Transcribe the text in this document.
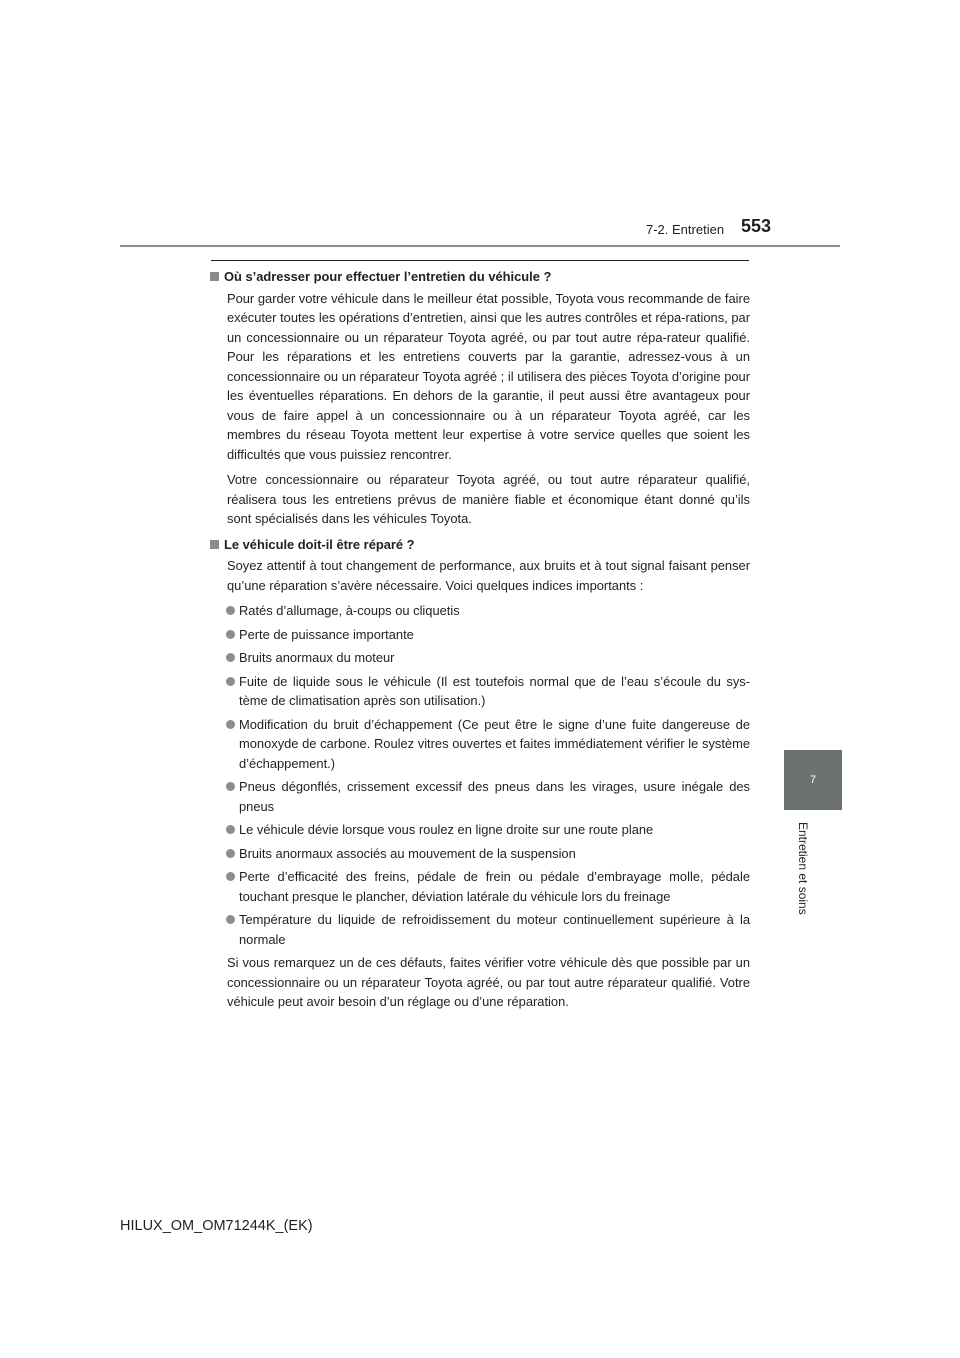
7-2. Entretien 553
7
Entretien et soins
Où s’adresser pour effectuer l’entretien du véhicule ?

Pour garder votre véhicule dans le meilleur état possible, Toyota vous recommande de faire exécuter toutes les opérations d’entretien, ainsi que les autres contrôles et répa-rations, par un concessionnaire ou un réparateur Toyota agréé, ou par tout autre répa-rateur qualifié. Pour les réparations et les entretiens couverts par la garantie, adressez-vous à un concessionnaire ou un réparateur Toyota agréé ; il utilisera des pièces Toyota d’origine pour les éventuelles réparations. En dehors de la garantie, il peut aussi être avantageux pour vous de faire appel à un concessionnaire ou à un réparateur Toyota agréé, car les membres du réseau Toyota mettent leur expertise à votre service quelles que soient les difficultés que vous puissiez rencontrer.

Votre concessionnaire ou réparateur Toyota agréé, ou tout autre réparateur qualifié, réalisera tous les entretiens prévus de manière fiable et économique étant donné qu’ils sont spécialisés dans les véhicules Toyota.

Le véhicule doit-il être réparé ?

Soyez attentif à tout changement de performance, aux bruits et à tout signal faisant penser qu’une réparation s’avère nécessaire. Voici quelques indices importants :

Ratés d’allumage, à-coups ou cliquetis
Perte de puissance importante
Bruits anormaux du moteur
Fuite de liquide sous le véhicule (Il est toutefois normal que de l’eau s’écoule du sys-tème de climatisation après son utilisation.)
Modification du bruit d’échappement (Ce peut être le signe d’une fuite dangereuse de monoxyde de carbone. Roulez vitres ouvertes et faites immédiatement vérifier le système d’échappement.)
Pneus dégonflés, crissement excessif des pneus dans les virages, usure inégale des pneus
Le véhicule dévie lorsque vous roulez en ligne droite sur une route plane
Bruits anormaux associés au mouvement de la suspension
Perte d’efficacité des freins, pédale de frein ou pédale d’embrayage molle, pédale touchant presque le plancher, déviation latérale du véhicule lors du freinage
Température du liquide de refroidissement du moteur continuellement supérieure à la normale

Si vous remarquez un de ces défauts, faites vérifier votre véhicule dès que possible par un concessionnaire ou un réparateur Toyota agréé, ou par tout autre réparateur qualifié. Votre véhicule peut avoir besoin d’un réglage ou d’une réparation.

HILUX_OM_OM71244K_(EK)
